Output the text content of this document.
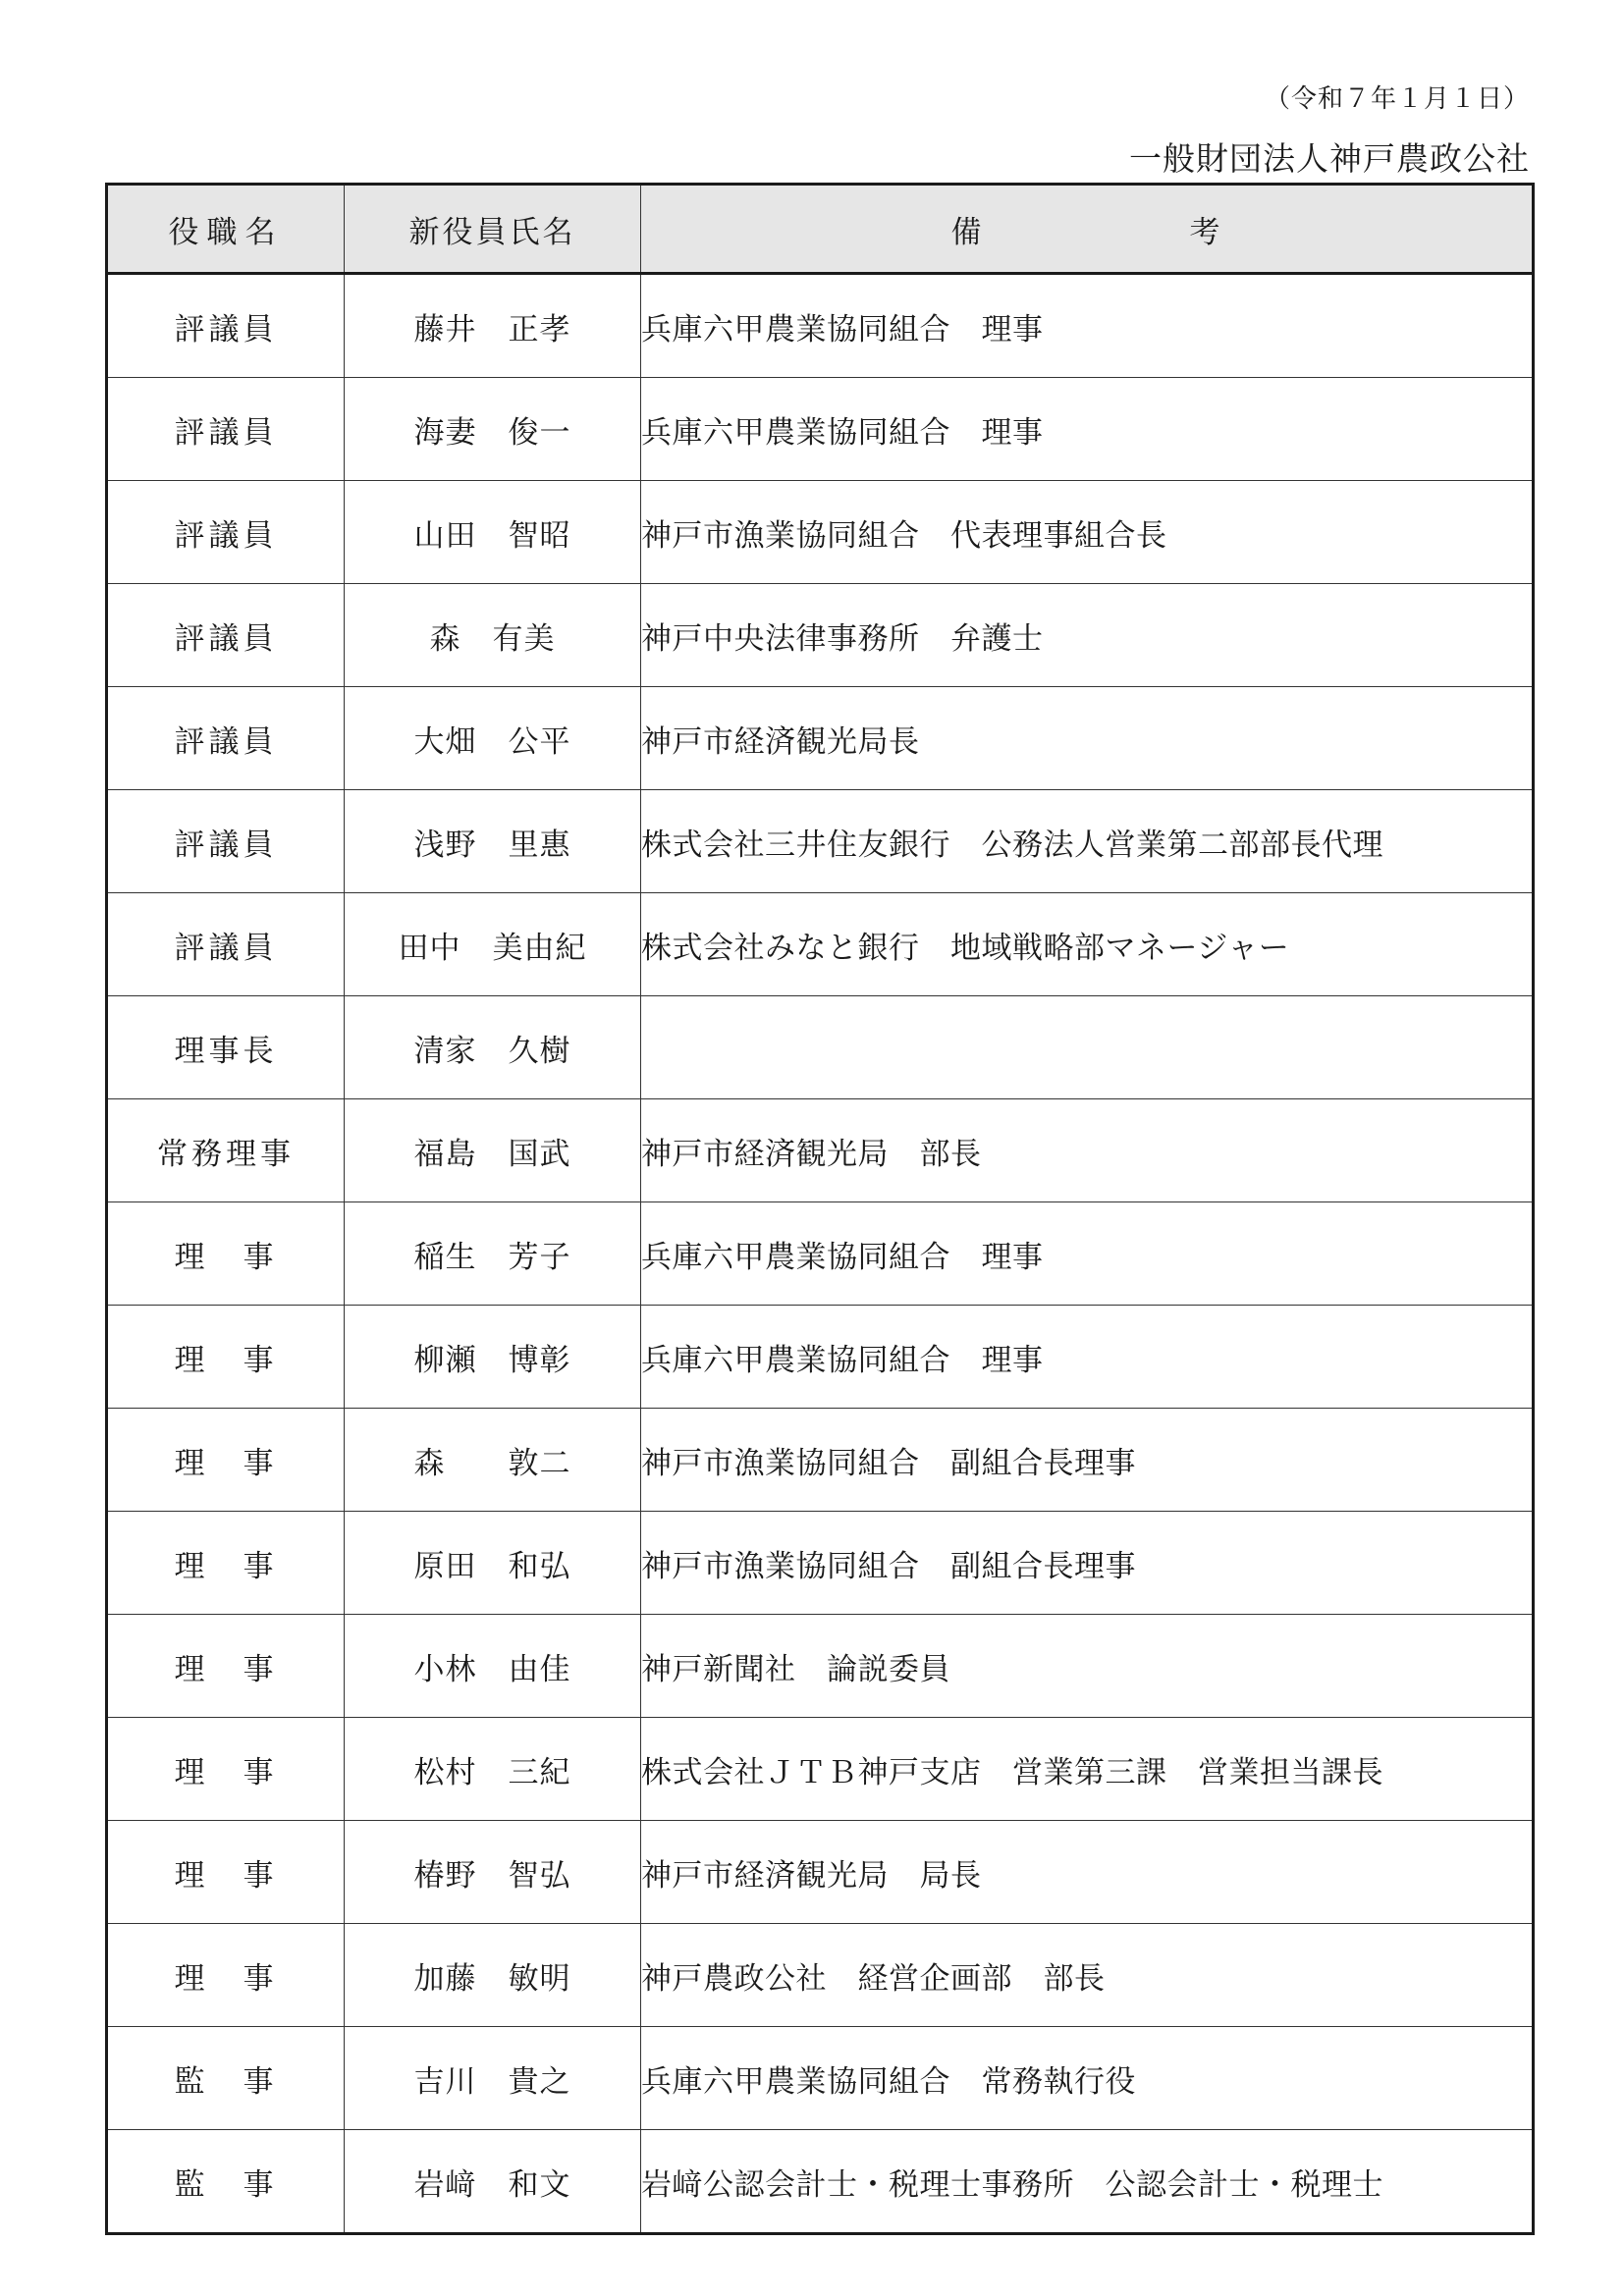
（令和７年１月１日）
一般財団法人神戸農政公社
役職名	新役員氏名	備 考
評議員	藤井　正孝	兵庫六甲農業協同組合　理事
評議員	海妻　俊一	兵庫六甲農業協同組合　理事
評議員	山田　智昭	神戸市漁業協同組合　代表理事組合長
評議員	森　有美	神戸中央法律事務所　弁護士
評議員	大畑　公平	神戸市経済観光局長
評議員	浅野　里惠	株式会社三井住友銀行　公務法人営業第二部部長代理
評議員	田中　美由紀	株式会社みなと銀行　地域戦略部マネージャー
理事長	清家　久樹	
常務理事	福島　国武	神戸市経済観光局　部長
理　事	稲生　芳子	兵庫六甲農業協同組合　理事
理　事	柳瀬　博彰	兵庫六甲農業協同組合　理事
理　事	森　　敦二	神戸市漁業協同組合　副組合長理事
理　事	原田　和弘	神戸市漁業協同組合　副組合長理事
理　事	小林　由佳	神戸新聞社　論説委員
理　事	松村　三紀	株式会社ＪＴＢ神戸支店　営業第三課　営業担当課長
理　事	椿野　智弘	神戸市経済観光局　局長
理　事	加藤　敏明	神戸農政公社　経営企画部　部長
監　事	吉川　貴之	兵庫六甲農業協同組合　常務執行役
監　事	岩﨑　和文	岩﨑公認会計士・税理士事務所　公認会計士・税理士
